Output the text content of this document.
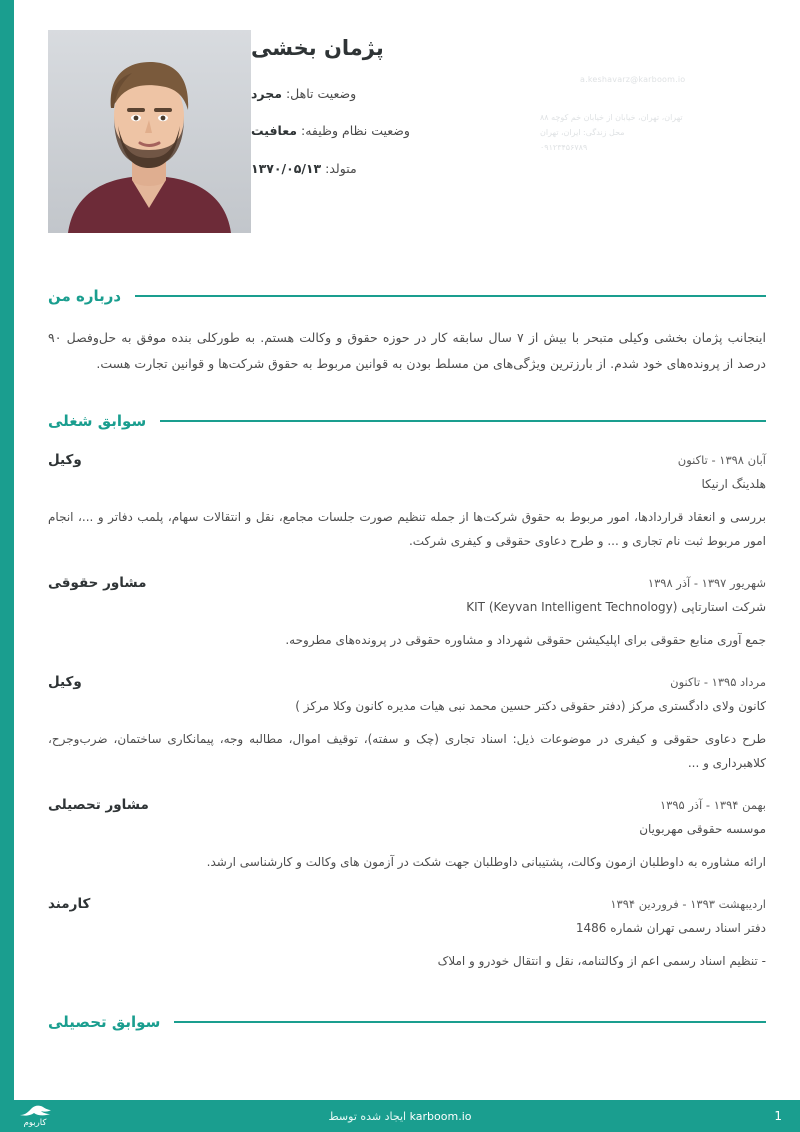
پژمان بخشی
وضعیت تاهل: مجرد
وضعیت نظام وظیفه: معافیت
متولد: ۱۳۷۰/۰۵/۱۳
a.keshavarz@karboom.io
تهران، تهران، خیابان از خیابان خم کوچه ۸۸
محل زندگی: ایران، تهران
۰۹۱۲۳۴۵۶۷۸۹
درباره من
اینجانب پژمان بخشی وکیلی متبحر با بیش از ۷ سال سابقه کار در حوزه حقوق و وکالت هستم. به طورکلی بنده موفق به حل‌وفصل ۹۰ درصد از پرونده‌های خود شدم. از بارزترین ویژگی‌های من مسلط بودن به قوانین مربوط به حقوق شرکت‌ها و قوانین تجارت هست.
سوابق شغلی
آبان ۱۳۹۸ - تاکنون
وکیل
هلدینگ ارنیکا
بررسی و انعقاد قراردادها، امور مربوط به حقوق شرکت‌ها از جمله تنظیم صورت جلسات مجامع، نقل و انتقالات سهام، پلمب دفاتر و ...، انجام امور مربوط ثبت نام تجاری و ... و طرح دعاوی حقوقی و کیفری شرکت.
شهریور ۱۳۹۷ - آذر ۱۳۹۸
مشاور حقوقی
شرکت استارتاپی (KIT (Keyvan Intelligent Technology
جمع آوری منابع حقوقی برای اپلیکیشن حقوقی شهرداد و مشاوره حقوقی در پرونده‌های مطروحه.
مرداد ۱۳۹۵ - تاکنون
وکیل
کانون ولای دادگستری مرکز (دفتر حقوقی دکتر حسین محمد نبی هیات مدیره کانون وکلا مرکز )
طرح دعاوی حقوقی و کیفری در موضوعات ذیل: اسناد تجاری (چک و سفته)، توقیف اموال، مطالبه وجه، پیمانکاری ساختمان، ضرب‌وجرح، کلاهبرداری و ...
بهمن ۱۳۹۴ - آذر ۱۳۹۵
مشاور تحصیلی
موسسه حقوقی مهربویان
ارائه مشاوره به داوطلبان ازمون وکالت، پشتیبانی داوطلبان جهت شکت در آزمون های وکالت و کارشناسی ارشد.
اردیبهشت ۱۳۹۳ - فروردین ۱۳۹۴
کارمند
دفتر اسناد رسمی تهران شماره 1486
- تنظیم اسناد رسمی اعم از وکالتنامه، نقل و انتقال خودرو و املاک
سوابق تحصیلی
1
karboom.io ایجاد شده توسط
کاربوم
